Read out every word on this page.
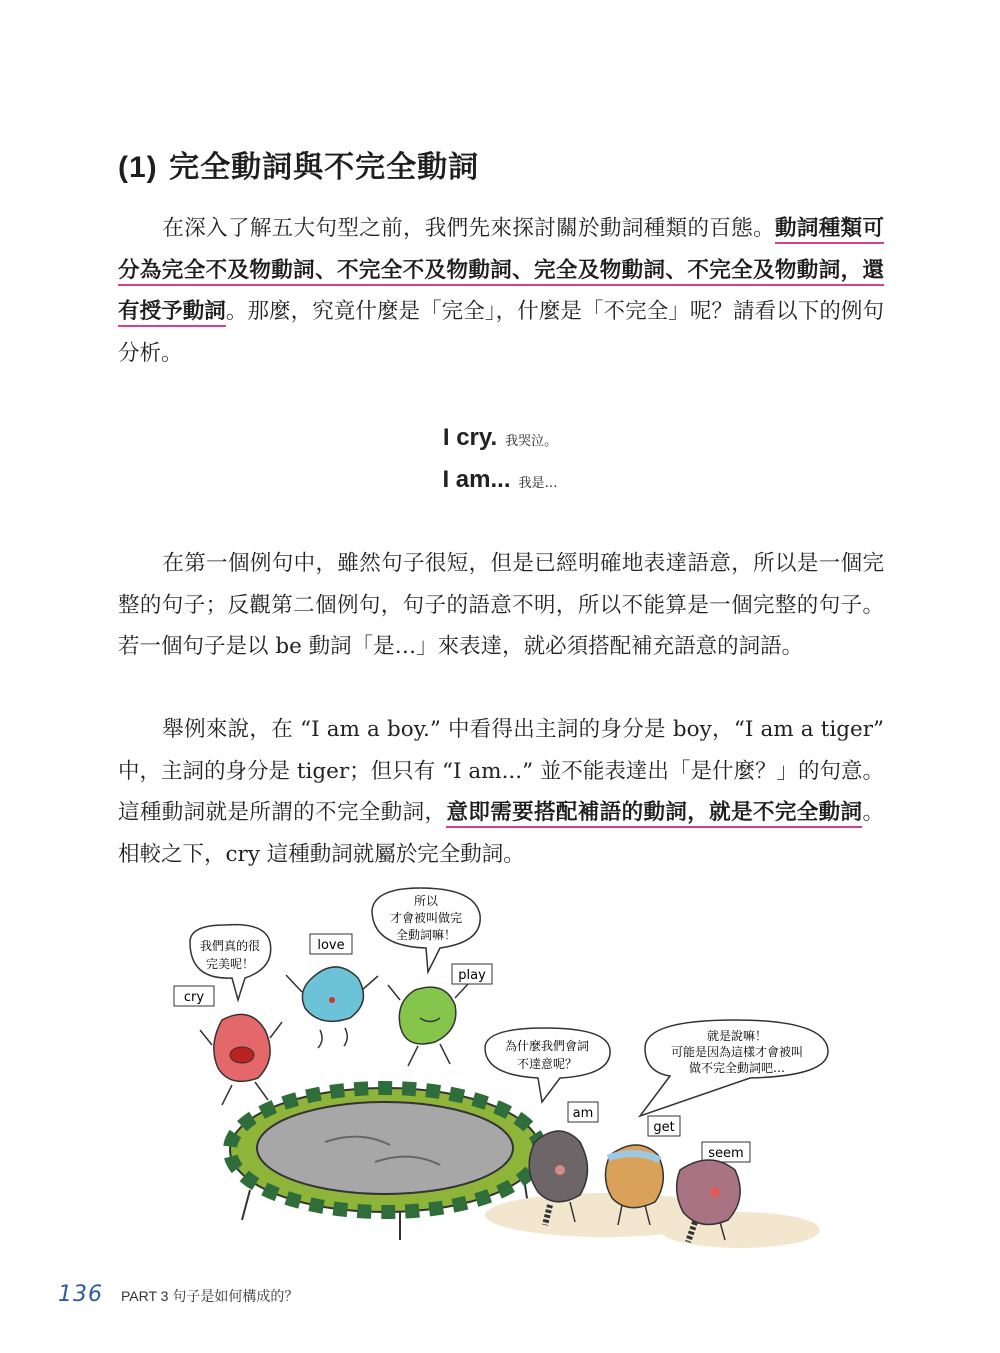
(1) 完全動詞與不完全動詞

在深入了解五大句型之前，我們先來探討關於動詞種類的百態。動詞種類可分為完全不及物動詞、不完全不及物動詞、完全及物動詞、不完全及物動詞，還有授予動詞。那麼，究竟什麼是「完全」，什麼是「不完全」呢？請看以下的例句分析。

I cry. 我哭泣。
I am... 我是…

在第一個例句中，雖然句子很短，但是已經明確地表達語意，所以是一個完整的句子；反觀第二個例句，句子的語意不明，所以不能算是一個完整的句子。若一個句子是以 be 動詞「是…」來表達，就必須搭配補充語意的詞語。

舉例來說，在 “I am a boy.” 中看得出主詞的身分是 boy，“I am a tiger” 中，主詞的身分是 tiger；但只有 “I am...” 並不能表達出「是什麼？」的句意。這種動詞就是所謂的不完全動詞，意即需要搭配補語的動詞，就是不完全動詞。相較之下，cry 這種動詞就屬於完全動詞。

我們真的很
完美呢！
所以
才會被叫做完
全動詞嘛！
為什麼我們會詞
不達意呢？
就是說嘛！
可能是因為這樣才會被叫
做不完全動詞吧…
cry
love
play
am
get
seem
136 PART 3 句子是如何構成的？
